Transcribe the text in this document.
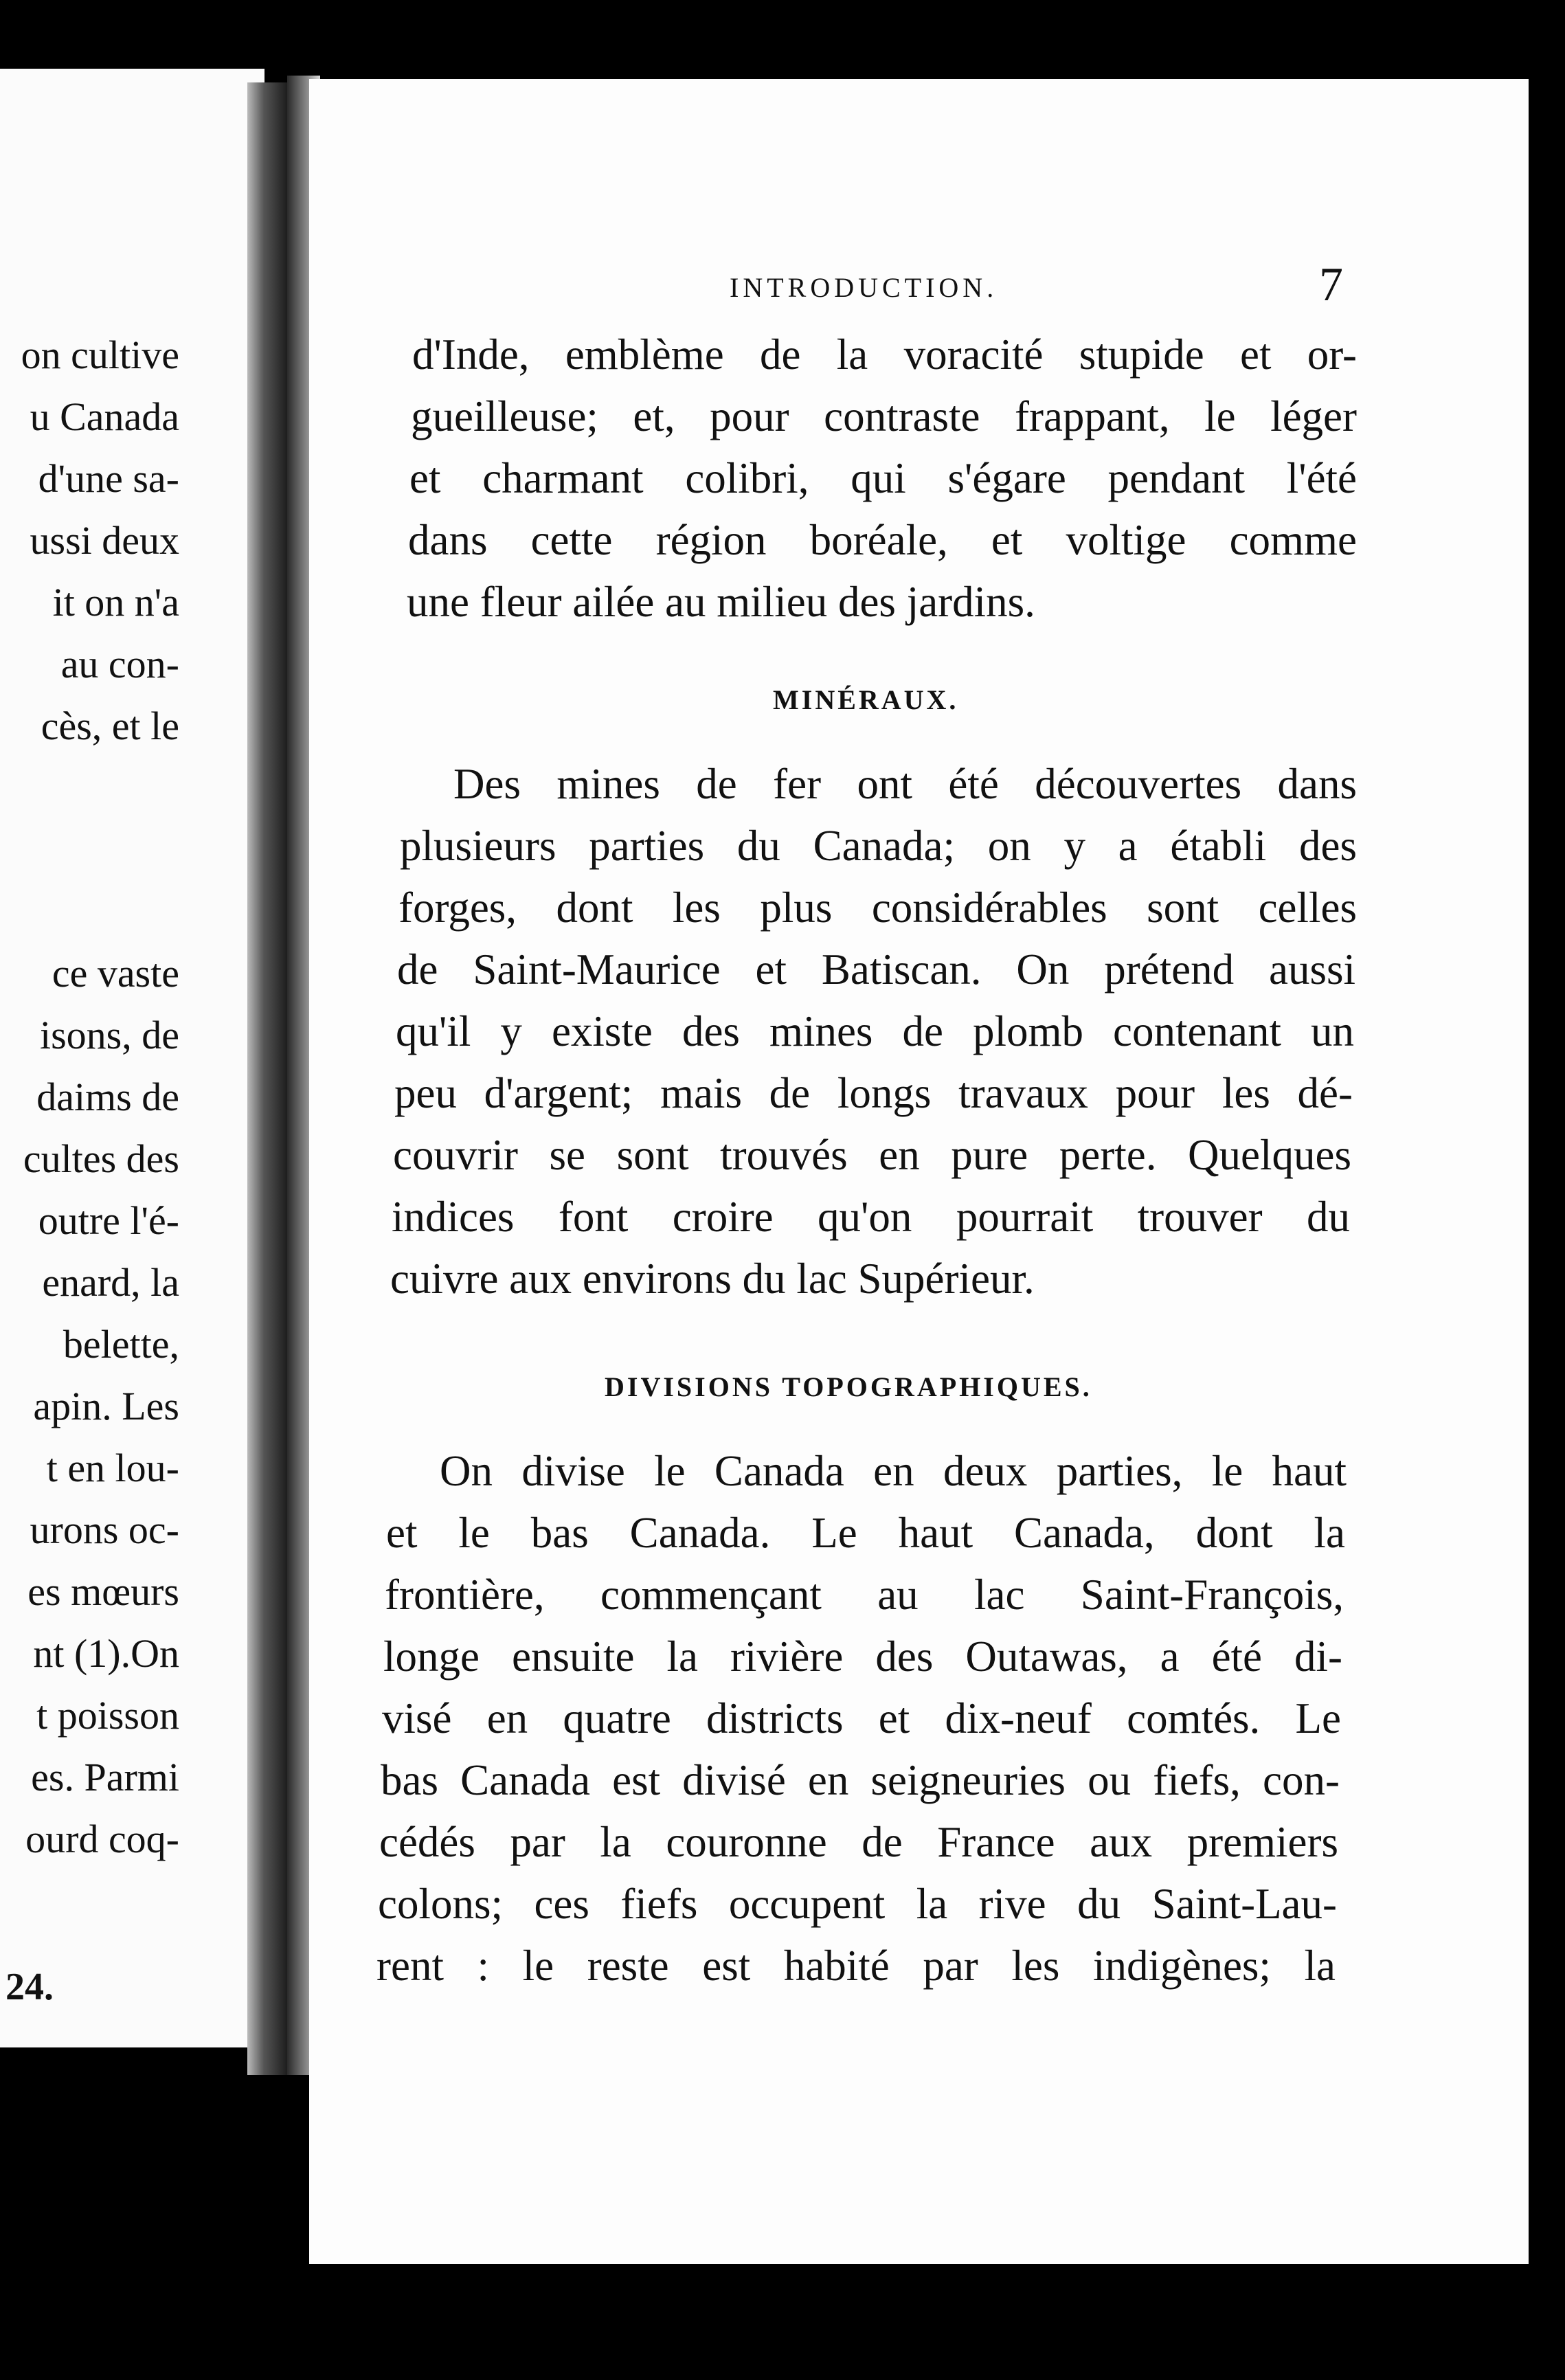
on cultive
u Canada
d'une sa-
ussi deux
it on n'a
au con-
cès, et le
ce vaste
isons, de
daims de
cultes des
outre l'é-
enard, la
belette,
apin. Les
t en lou-
urons oc-
es mœurs
nt (1).On
t poisson
es. Parmi
ourd coq-
24.
INTRODUCTION.	7
d'Inde, emblème de la voracité stupide et or-
gueilleuse; et, pour contraste frappant, le léger
et charmant colibri, qui s'égare pendant l'été
dans cette région boréale, et voltige comme
une fleur ailée au milieu des jardins.
MINÉRAUX.
Des mines de fer ont été découvertes dans
plusieurs parties du Canada; on y a établi des
forges, dont les plus considérables sont celles
de Saint-Maurice et Batiscan. On prétend aussi
qu'il y existe des mines de plomb contenant un
peu d'argent; mais de longs travaux pour les dé-
couvrir se sont trouvés en pure perte. Quelques
indices font croire qu'on pourrait trouver du
cuivre aux environs du lac Supérieur.
DIVISIONS TOPOGRAPHIQUES.
On divise le Canada en deux parties, le haut
et le bas Canada. Le haut Canada, dont la
frontière, commençant au lac Saint-François,
longe ensuite la rivière des Outawas, a été di-
visé en quatre districts et dix-neuf comtés. Le
bas Canada est divisé en seigneuries ou fiefs, con-
cédés par la couronne de France aux premiers
colons; ces fiefs occupent la rive du Saint-Lau-
rent : le reste est habité par les indigènes; la
